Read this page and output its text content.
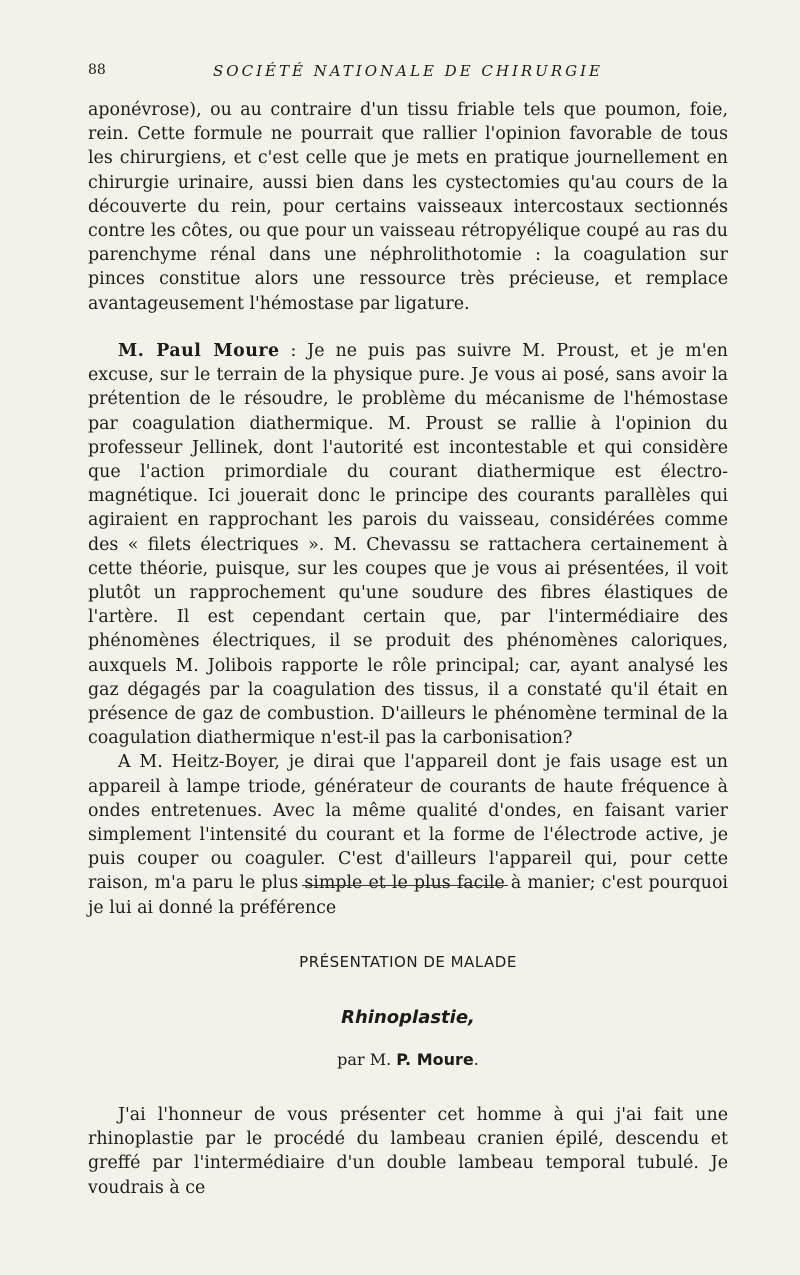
88	SOCIÉTÉ NATIONALE DE CHIRURGIE

aponévrose), ou au contraire d'un tissu friable tels que poumon, foie, rein. Cette formule ne pourrait que rallier l'opinion favorable de tous les chirurgiens, et c'est celle que je mets en pratique journellement en chirurgie urinaire, aussi bien dans les cystectomies qu'au cours de la découverte du rein, pour certains vaisseaux intercostaux sectionnés contre les côtes, ou que pour un vaisseau rétropyélique coupé au ras du parenchyme rénal dans une néphrolithotomie : la coagulation sur pinces constitue alors une ressource très précieuse, et remplace avantageusement l'hémostase par ligature.

M. Paul Moure : Je ne puis pas suivre M. Proust, et je m'en excuse, sur le terrain de la physique pure. Je vous ai posé, sans avoir la prétention de le résoudre, le problème du mécanisme de l'hémostase par coagulation diathermique. M. Proust se rallie à l'opinion du professeur Jellinek, dont l'autorité est incontestable et qui considère que l'action primordiale du courant diathermique est électro-magnétique. Ici jouerait donc le principe des courants parallèles qui agiraient en rapprochant les parois du vaisseau, considérées comme des « filets électriques ». M. Chevassu se rattachera certainement à cette théorie, puisque, sur les coupes que je vous ai présentées, il voit plutôt un rapprochement qu'une soudure des fibres élastiques de l'artère. Il est cependant certain que, par l'intermédiaire des phénomènes électriques, il se produit des phénomènes caloriques, auxquels M. Jolibois rapporte le rôle principal; car, ayant analysé les gaz dégagés par la coagulation des tissus, il a constaté qu'il était en présence de gaz de combustion. D'ailleurs le phénomène terminal de la coagulation diathermique n'est-il pas la carbonisation?

A M. Heitz-Boyer, je dirai que l'appareil dont je fais usage est un appareil à lampe triode, générateur de courants de haute fréquence à ondes entretenues. Avec la même qualité d'ondes, en faisant varier simplement l'intensité du courant et la forme de l'électrode active, je puis couper ou coaguler. C'est d'ailleurs l'appareil qui, pour cette raison, m'a paru le plus simple et le plus facile à manier; c'est pourquoi je lui ai donné la préférence

PRÉSENTATION DE MALADE
Rhinoplastie,
par M. P. Moure.

J'ai l'honneur de vous présenter cet homme à qui j'ai fait une rhinoplastie par le procédé du lambeau cranien épilé, descendu et greffé par l'intermédiaire d'un double lambeau temporal tubulé. Je voudrais à ce
